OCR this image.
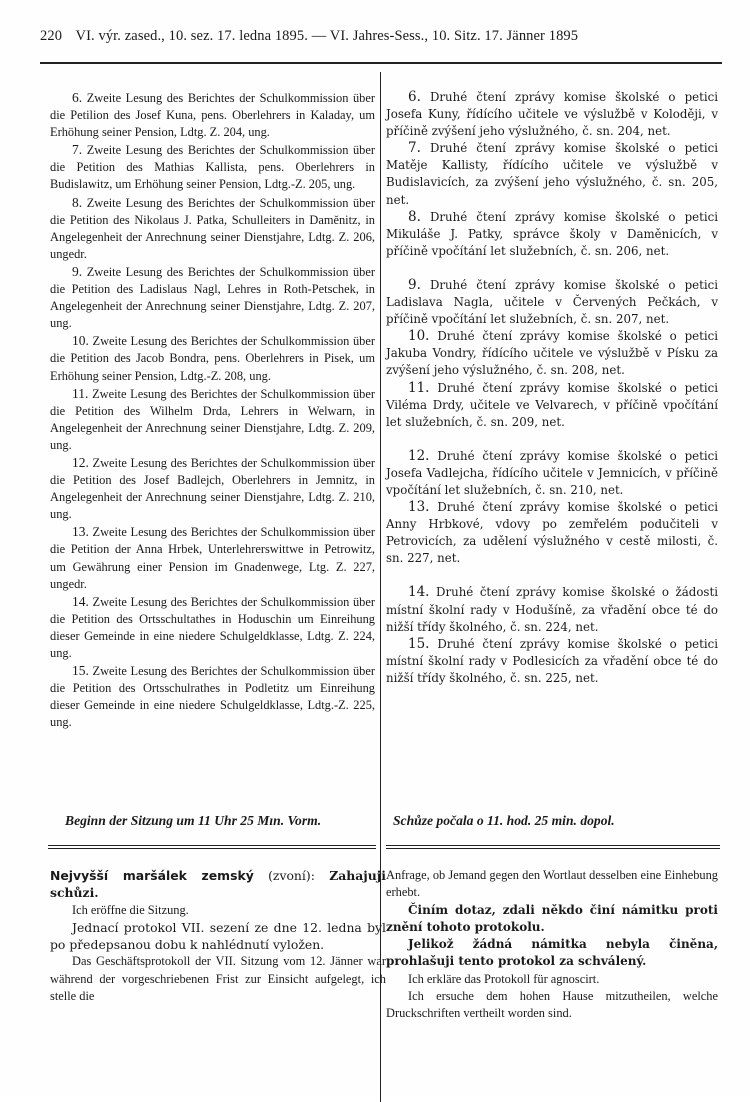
220 VI. výr. zased., 10. sez. 17. ledna 1895. — VI. Jahres-Sess., 10. Sitz. 17. Jänner 1895

6. Zweite Lesung des Berichtes der Schulkommission über die Petilion des Josef Kuna, pens. Oberlehrers in Kaladay, um Erhöhung seiner Pension, Ldtg. Z. 204, ung.

7. Zweite Lesung des Berichtes der Schulkommission über die Petition des Mathias Kallista, pens. Oberlehrers in Budislawitz, um Erhöhung seiner Pension, Ldtg.-Z. 205, ung.

8. Zweite Lesung des Berichtes der Schulkommission über die Petition des Nikolaus J. Patka, Schulleiters in Daměnitz, in Angelegenheit der Anrechnung seiner Dienstjahre, Ldtg. Z. 206, ungedr.

9. Zweite Lesung des Berichtes der Schulkommission über die Petition des Ladislaus Nagl, Lehres in Roth-Petschek, in Angelegenheit der Anrechnung seiner Dienstjahre, Ldtg. Z. 207, ung.

10. Zweite Lesung des Berichtes der Schulkommission über die Petition des Jacob Bondra, pens. Oberlehrers in Pisek, um Erhöhung seiner Pension, Ldtg.-Z. 208, ung.

11. Zweite Lesung des Berichtes der Schulkommission über die Petition des Wilhelm Drda, Lehrers in Welwarn, in Angelegenheit der Anrechnung seiner Dienstjahre, Ldtg. Z. 209, ung.

12. Zweite Lesung des Berichtes der Schulkommission über die Petition des Josef Badlejch, Oberlehrers in Jemnitz, in Angelegenheit der Anrechnung seiner Dienstjahre, Ldtg. Z. 210, ung.

13. Zweite Lesung des Berichtes der Schulkommission über die Petition der Anna Hrbek, Unterlehrerswittwe in Petrowitz, um Gewährung einer Pension im Gnadenwege, Ltg. Z. 227, ungedr.

14. Zweite Lesung des Berichtes der Schulkommission über die Petition des Ortsschultathes in Hoduschin um Einreihung dieser Gemeinde in eine niedere Schulgeldklasse, Ldtg. Z. 224, ung.

15. Zweite Lesung des Berichtes der Schulkommission über die Petition des Ortsschulrathes in Podletitz um Einreihung dieser Gemeinde in eine niedere Schulgeldklasse, Ldtg.-Z. 225, ung.

6. Druhé čtení zprávy komise školské o petici Josefa Kuny, řídícího učitele ve výslužbě v Koloději, v příčině zvýšení jeho výslužného, č. sn. 204, net.

7. Druhé čtení zprávy komise školské o petici Matěje Kallisty, řídícího učitele ve výslužbě v Budislavicích, za zvýšení jeho výslužného, č. sn. 205, net.

8. Druhé čtení zprávy komise školské o petici Mikuláše J. Patky, správce školy v Daměnicích, v příčině vpočítání let služebních, č. sn. 206, net.

9. Druhé čtení zprávy komise školské o petici Ladislava Nagla, učitele v Červených Pečkách, v příčině vpočítání let služebních, č. sn. 207, net.

10. Druhé čtení zprávy komise školské o petici Jakuba Vondry, řídícího učitele ve výslužbě v Písku za zvýšení jeho výslužného, č. sn. 208, net.

11. Druhé čtení zprávy komise školské o petici Viléma Drdy, učitele ve Velvarech, v příčině vpočítání let služebních, č. sn. 209, net.

12. Druhé čtení zprávy komise školské o petici Josefa Vadlejcha, řídícího učitele v Jemnicích, v příčině vpočítání let služebních, č. sn. 210, net.

13. Druhé čtení zprávy komise školské o petici Anny Hrbkové, vdovy po zemřelém podučiteli v Petrovicích, za udělení výslužného v cestě milosti, č. sn. 227, net.

14. Druhé čtení zprávy komise školské o žádosti místní školní rady v Hodušíně, za vřadění obce té do nižší třídy školného, č. sn. 224, net.

15. Druhé čtení zprávy komise školské o petici místní školní rady v Podlesicích za vřadění obce té do nižší třídy školného, č. sn. 225, net.

Beginn der Sitzung um 11 Uhr 25 Mın. Vorm.	Schůze počala o 11. hod. 25 min. dopol.

Nejvyšší maršálek zemský (zvoní): Zahajuji schůzi.

Ich eröffne die Sitzung.

Jednací protokol VII. sezení ze dne 12. ledna byl po předepsanou dobu k nahlédnutí vyložen.

Das Geschäftsprotokoll der VII. Sitzung vom 12. Jänner war während der vorgeschriebenen Frist zur Einsicht aufgelegt, ich stelle die

Anfrage, ob Jemand gegen den Wortlaut desselben eine Einhebung erhebt.

Činím dotaz, zdali někdo činí námitku proti znění tohoto protokolu.

Jelikož žádná námitka nebyla činěna, prohlašuji tento protokol za schválený.

Ich erkläre das Protokoll für agnoscirt.

Ich ersuche dem hohen Hause mitzutheilen, welche Druckschriften vertheilt worden sind.
